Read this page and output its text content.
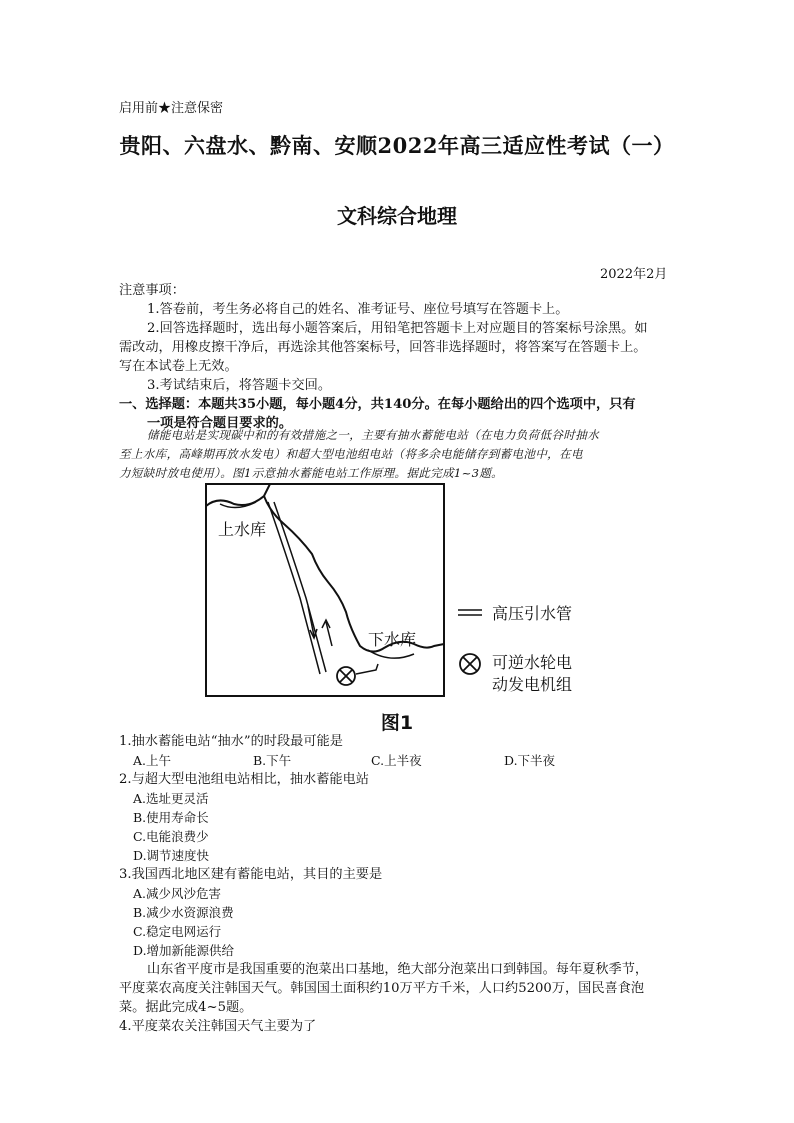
启用前★注意保密
贵阳、六盘水、黔南、安顺2022年高三适应性考试（一）
文科综合地理
2022年2月
注意事项：
1.答卷前，考生务必将自己的姓名、准考证号、座位号填写在答题卡上。
2.回答选择题时，选出每小题答案后，用铅笔把答题卡上对应题目的答案标号涂黑。如
需改动，用橡皮擦干净后，再选涂其他答案标号，回答非选择题时，将答案写在答题卡上。
写在本试卷上无效。
3.考试结束后，将答题卡交回。
一、选择题：本题共35小题，每小题4分，共140分。在每小题给出的四个选项中，只有
一项是符合题目要求的。
储能电站是实现碳中和的有效措施之一，主要有抽水蓄能电站（在电力负荷低谷时抽水
至上水库，高峰期再放水发电）和超大型电池组电站（将多余电能储存到蓄电池中，在电
力短缺时放电使用）。图1示意抽水蓄能电站工作原理。据此完成1~3题。
上水库
下水库
高压引水管
可逆水轮电
动发电机组
图1
1.抽水蓄能电站“抽水”的时段最可能是
A.上午	B.下午	C.上半夜	D.下半夜
2.与超大型电池组电站相比，抽水蓄能电站
A.选址更灵活
B.使用寿命长
C.电能浪费少
D.调节速度快
3.我国西北地区建有蓄能电站，其目的主要是
A.减少风沙危害
B.减少水资源浪费
C.稳定电网运行
D.增加新能源供给
山东省平度市是我国重要的泡菜出口基地，绝大部分泡菜出口到韩国。每年夏秋季节，
平度菜农高度关注韩国天气。韩国国土面积约10万平方千米，人口约5200万，国民喜食泡
菜。据此完成4~5题。
4.平度菜农关注韩国天气主要为了
